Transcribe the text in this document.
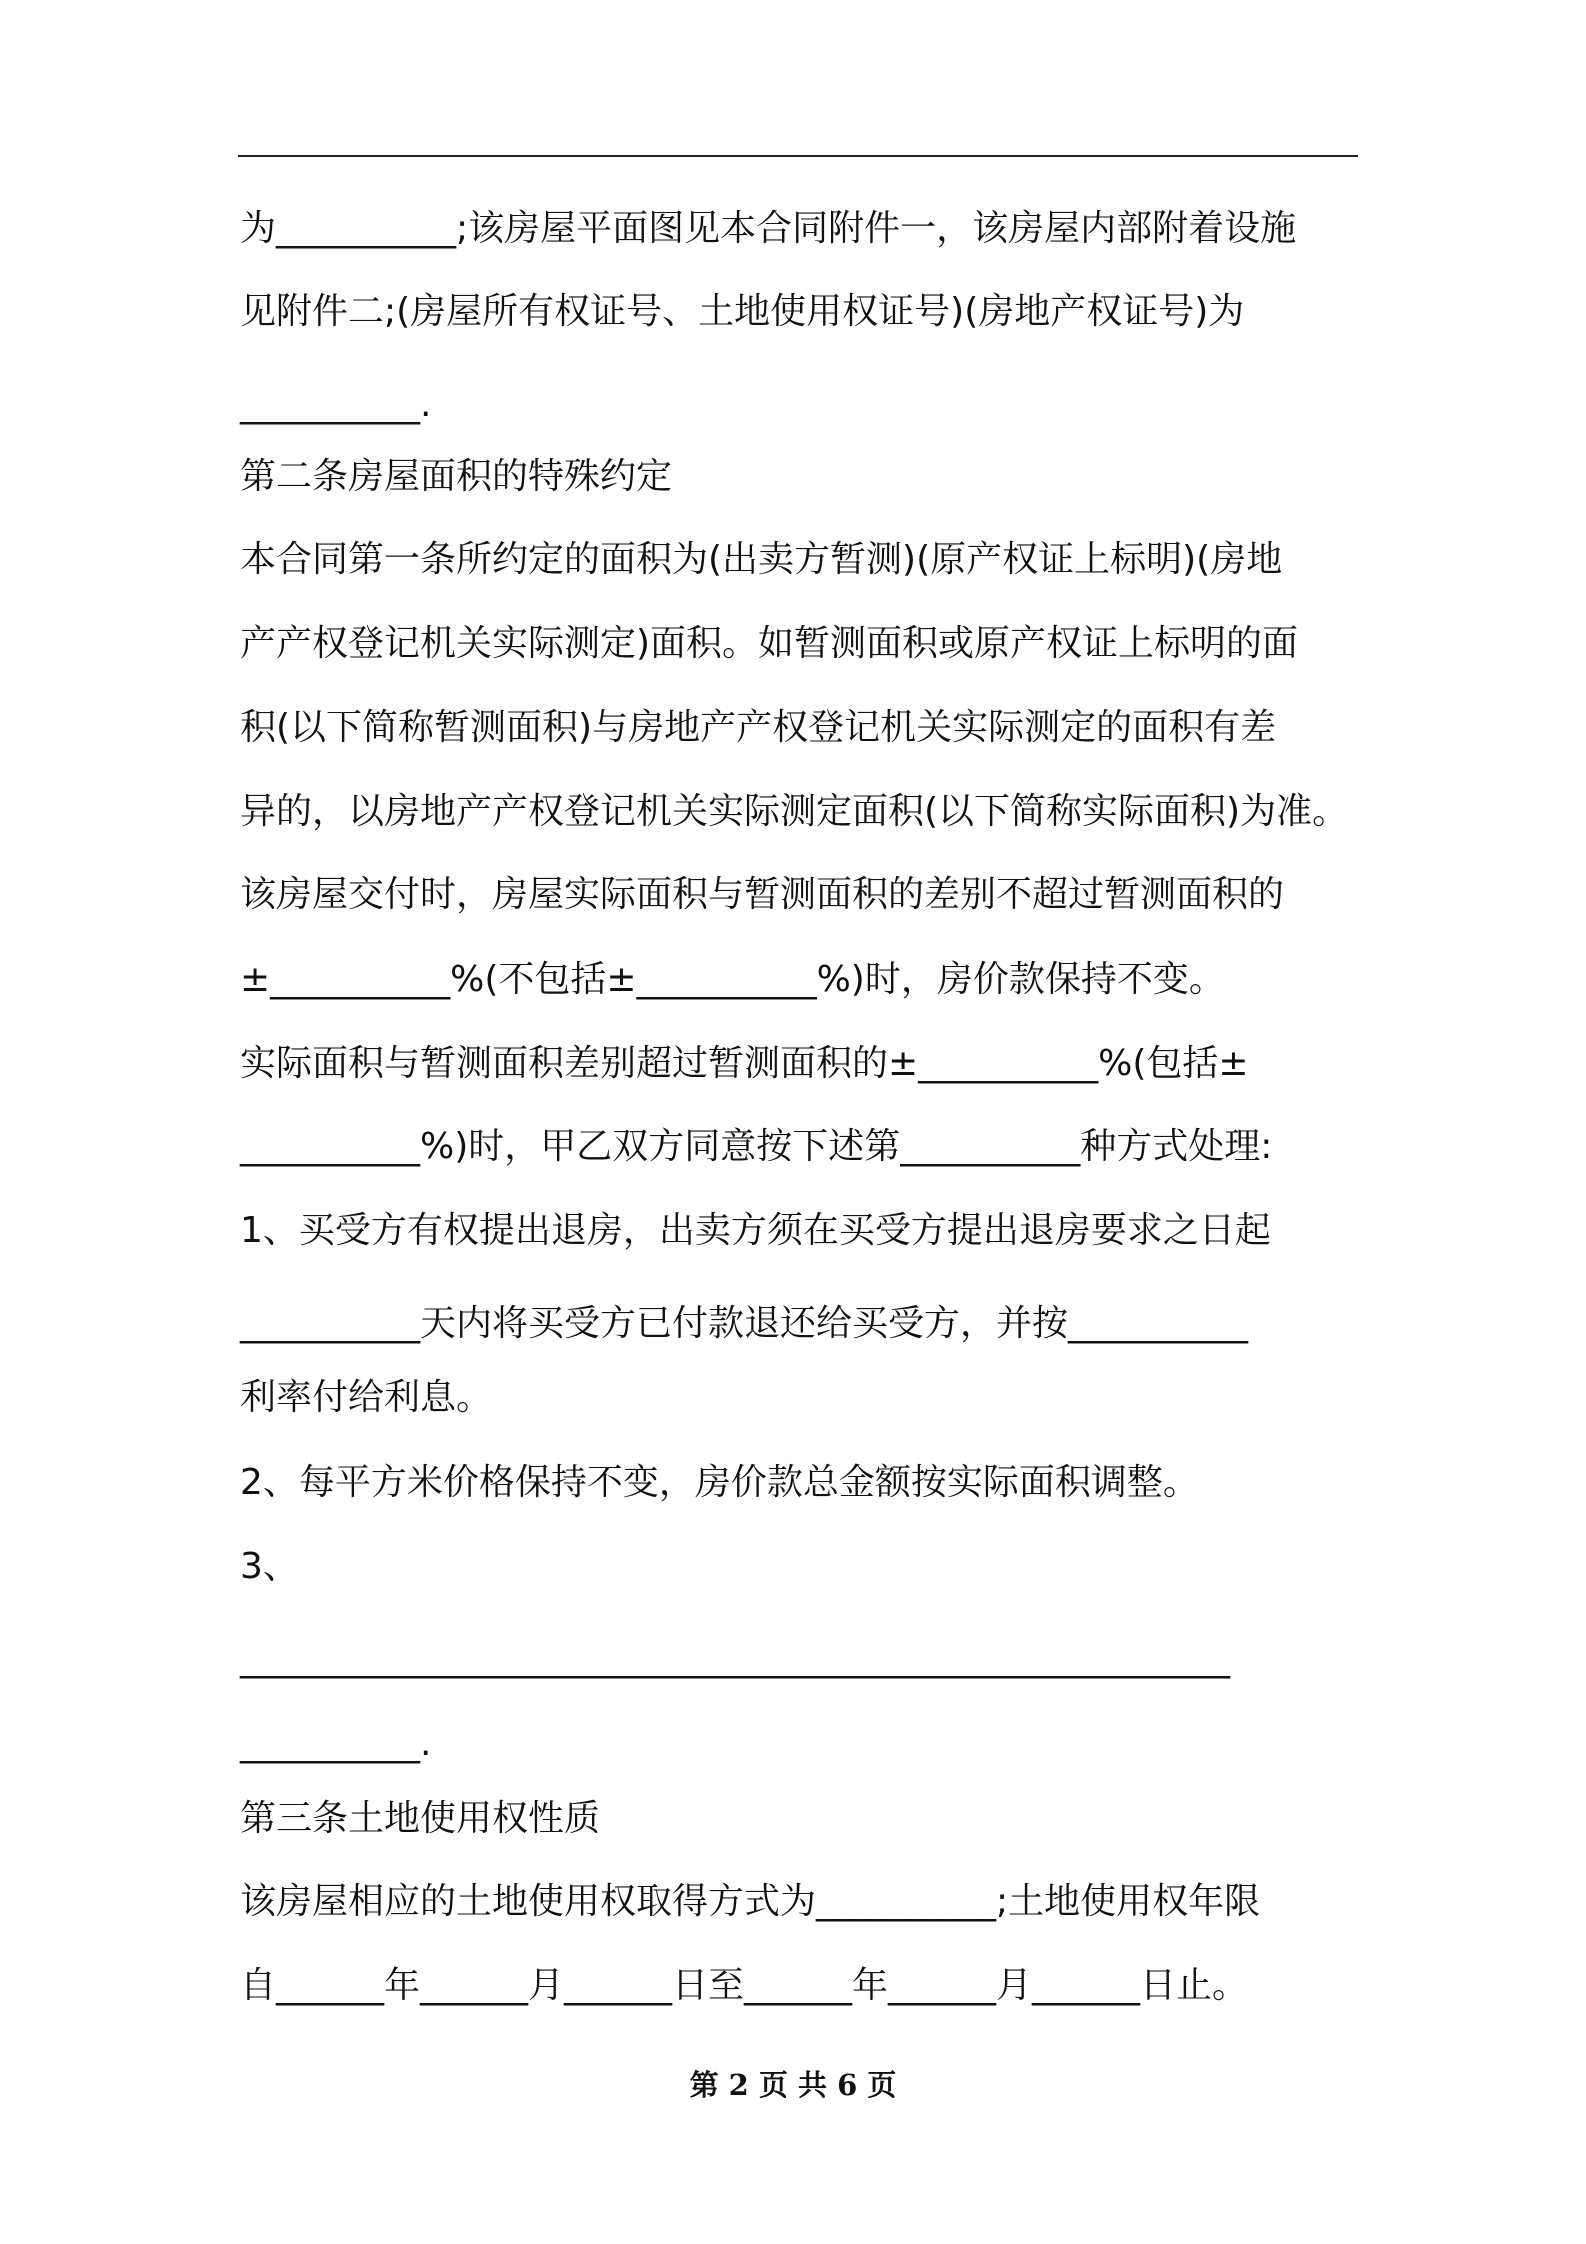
为__________;该房屋平面图见本合同附件一，该房屋内部附着设施
见附件二;(房屋所有权证号、土地使用权证号)(房地产权证号)为
__________.
第二条房屋面积的特殊约定
本合同第一条所约定的面积为(出卖方暂测)(原产权证上标明)(房地
产产权登记机关实际测定)面积。如暂测面积或原产权证上标明的面
积(以下简称暂测面积)与房地产产权登记机关实际测定的面积有差
异的，以房地产产权登记机关实际测定面积(以下简称实际面积)为准。
该房屋交付时，房屋实际面积与暂测面积的差别不超过暂测面积的
±__________%(不包括±__________%)时，房价款保持不变。
实际面积与暂测面积差别超过暂测面积的±__________%(包括±
__________%)时，甲乙双方同意按下述第__________种方式处理:
1、买受方有权提出退房，出卖方须在买受方提出退房要求之日起
__________天内将买受方已付款退还给买受方，并按__________
利率付给利息。
2、每平方米价格保持不变，房价款总金额按实际面积调整。
3、
_______________________________________________________
__________.
第三条土地使用权性质
该房屋相应的土地使用权取得方式为__________;土地使用权年限
自______年______月______日至______年______月______日止。
第 2 页 共 6 页
